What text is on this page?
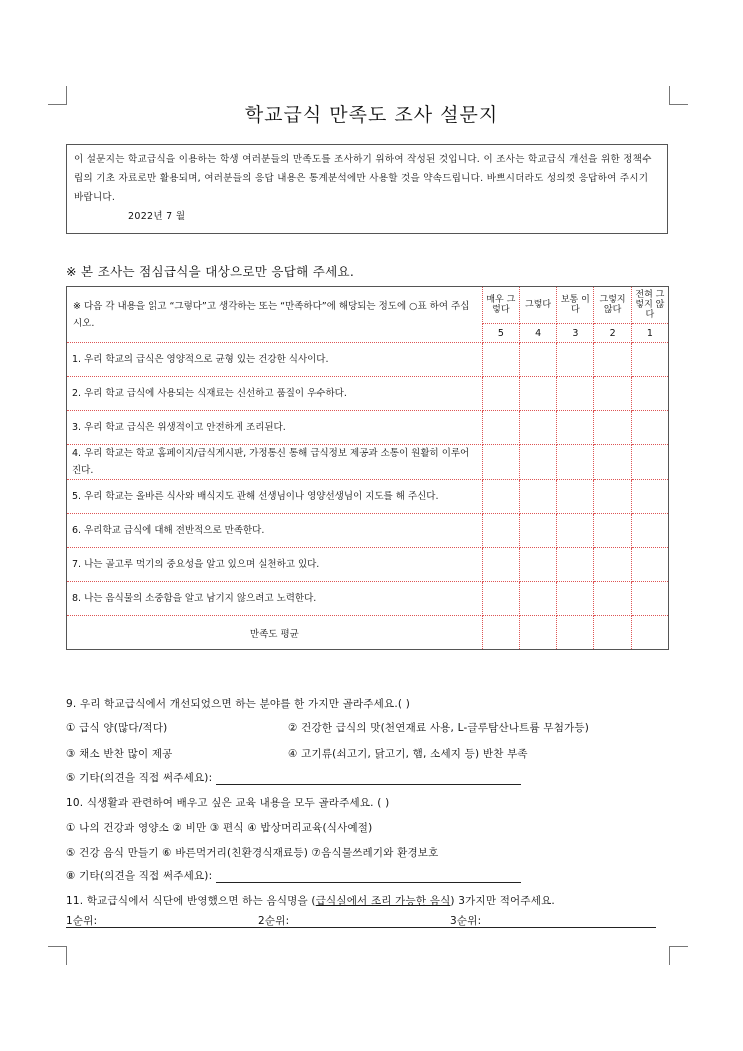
학교급식 만족도 조사 설문지
이 설문지는 학교급식을 이용하는 학생 여러분들의 만족도를 조사하기 위하여 작성된 것입니다. 이 조사는 학교급식 개선을 위한 정책수립의 기초 자료로만 활용되며, 여러분들의 응답 내용은 통계분석에만 사용할 것을 약속드립니다. 바쁘시더라도 성의껏 응답하여 주시기 바랍니다.
2022년 7 월
※ 본 조사는 점심급식을 대상으로만 응답해 주세요.
※ 다음 각 내용을 읽고 “그렇다”고 생각하는 또는 “만족하다”에 해당되는 정도에 ○표 하여 주십시오.	매우 그렇다	그렇다	보통 이다	그렇지 않다	전혀 그렇지 않다
	5	4	3	2	1
1. 우리 학교의 급식은 영양적으로 균형 있는 건강한 식사이다.					
2. 우리 학교 급식에 사용되는 식재료는 신선하고 품질이 우수하다.					
3. 우리 학교 급식은 위생적이고 안전하게 조리된다.					
4. 우리 학교는 학교 홈페이지/급식게시판, 가정통신 통해 급식정보 제공과 소통이 원활히 이루어진다.					
5. 우리 학교는 올바른 식사와 배식지도 관해 선생님이나 영양선생님이 지도를 해 주신다.					
6. 우리학교 급식에 대해 전반적으로 만족한다.					
7. 나는 골고루 먹기의 중요성을 알고 있으며 실천하고 있다.					
8. 나는 음식물의 소중함을 알고 남기지 않으려고 노력한다.					
만족도 평균					
9. 우리 학교급식에서 개선되었으면 하는 분야를 한 가지만 골라주세요.( )
① 급식 양(많다/적다)	② 건강한 급식의 맛(천연재료 사용, L-글루탐산나트륨 무첨가등)
③ 채소 반찬 많이 제공	④ 고기류(쇠고기, 닭고기, 햄, 소세지 등) 반찬 부족
⑤ 기타(의견을 직접 써주세요):
10. 식생활과 관련하여 배우고 싶은 교육 내용을 모두 골라주세요. ( )
① 나의 건강과 영양소 ② 비만 ③ 편식 ④ 밥상머리교육(식사예절)
⑤ 건강 음식 만들기 ⑥ 바른먹거리(친환경식재료등) ⑦음식물쓰레기와 환경보호
⑧ 기타(의견을 직접 써주세요):
11. 학교급식에서 식단에 반영했으면 하는 음식명을 (급식실에서 조리 가능한 음식) 3가지만 적어주세요.
1순위:	2순위:	3순위:
